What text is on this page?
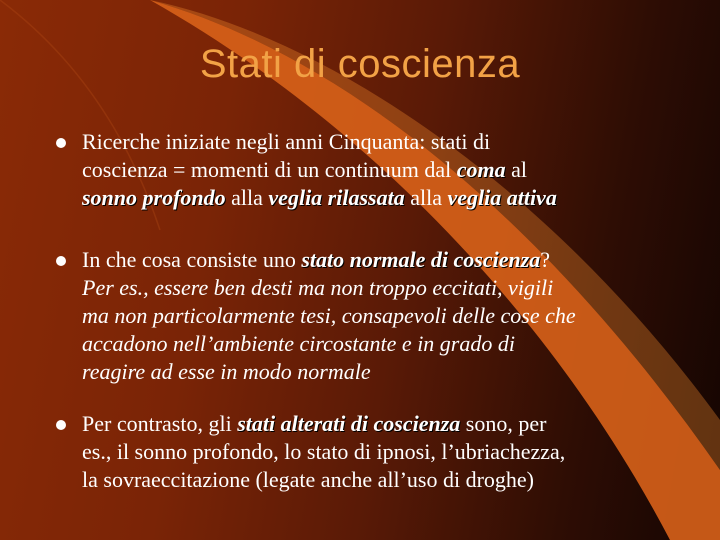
Stati di coscienza
Ricerche iniziate negli anni Cinquanta: stati di
coscienza = momenti di un continuum dal coma al
sonno profondo alla veglia rilassata alla veglia attiva
In che cosa consiste uno stato normale di coscienza?
Per es., essere ben desti ma non troppo eccitati, vigili
ma non particolarmente tesi, consapevoli delle cose che
accadono nell’ambiente circostante e in grado di
reagire ad esse in modo normale
Per contrasto, gli stati alterati di coscienza sono, per
es., il sonno profondo, lo stato di ipnosi, l’ubriachezza,
la sovraeccitazione (legate anche all’uso di droghe)
